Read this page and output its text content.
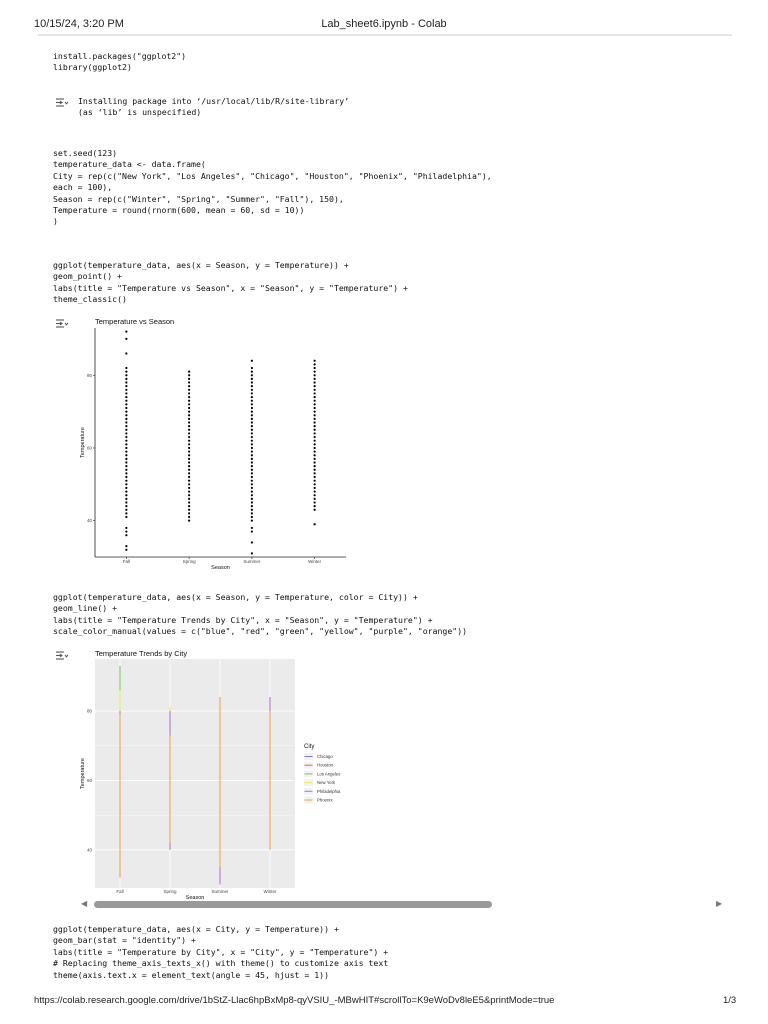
10/15/24, 3:20 PM	Lab_sheet6.ipynb - Colab
install.packages("ggplot2")
library(ggplot2)
Installing package into ‘/usr/local/lib/R/site-library’
(as ‘lib’ is unspecified)
set.seed(123)
temperature_data <- data.frame(
City = rep(c("New York", "Los Angeles", "Chicago", "Houston", "Phoenix", "Philadelphia"),
each = 100),
Season = rep(c("Winter", "Spring", "Summer", "Fall"), 150),
Temperature = round(rnorm(600, mean = 60, sd = 10))
)
ggplot(temperature_data, aes(x = Season, y = Temperature)) +
geom_point() +
labs(title = "Temperature vs Season", x = "Season", y = "Temperature") +
theme_classic()
Temperature vs Season
40
60
80
Fall	Spring	Summer	Winter
Season
Temperature
ggplot(temperature_data, aes(x = Season, y = Temperature, color = City)) +
geom_line() +
labs(title = "Temperature Trends by City", x = "Season", y = "Temperature") +
scale_color_manual(values = c("blue", "red", "green", "yellow", "purple", "orange"))
Temperature Trends by City
40
60
80
Fall	Spring	Summer	Winter
Season
Temperature
City
Chicago
Houston
Los Angeles
New York
Philadelphia
Phoenix
◀	▶
ggplot(temperature_data, aes(x = City, y = Temperature)) +
geom_bar(stat = "identity") +
labs(title = "Temperature by City", x = "City", y = "Temperature") +
# Replacing theme_axis_texts_x() with theme() to customize axis text
theme(axis.text.x = element_text(angle = 45, hjust = 1))
https://colab.research.google.com/drive/1bStZ-Llac6hpBxMp8-qyVSIU_-MBwHIT#scrollTo=K9eWoDv8leE5&printMode=true	1/3
